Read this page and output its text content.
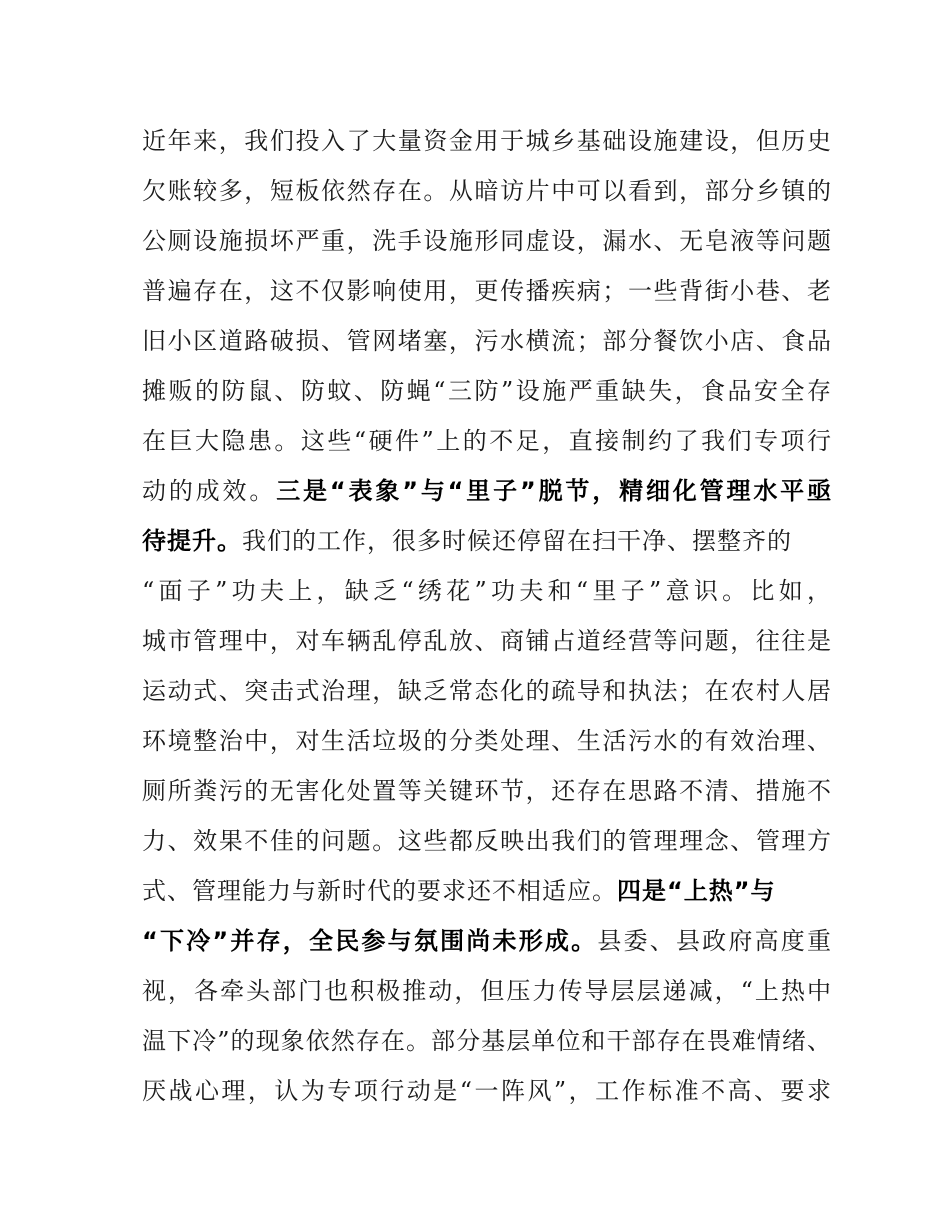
近年来，我们投入了大量资金用于城乡基础设施建设，但历史
欠账较多，短板依然存在。从暗访片中可以看到，部分乡镇的
公厕设施损坏严重，洗手设施形同虚设，漏水、无皂液等问题
普遍存在，这不仅影响使用，更传播疾病；一些背街小巷、老
旧小区道路破损、管网堵塞，污水横流；部分餐饮小店、食品
摊贩的防鼠、防蚊、防蝇“三防”设施严重缺失，食品安全存
在巨大隐患。这些“硬件”上的不足，直接制约了我们专项行
动的成效。三是“表象”与“里子”脱节，精细化管理水平亟
待提升。我们的工作，很多时候还停留在扫干净、摆整齐的
“面子”功夫上，缺乏“绣花”功夫和“里子”意识。比如，
城市管理中，对车辆乱停乱放、商铺占道经营等问题，往往是
运动式、突击式治理，缺乏常态化的疏导和执法；在农村人居
环境整治中，对生活垃圾的分类处理、生活污水的有效治理、
厕所粪污的无害化处置等关键环节，还存在思路不清、措施不
力、效果不佳的问题。这些都反映出我们的管理理念、管理方
式、管理能力与新时代的要求还不相适应。四是“上热”与
“下冷”并存，全民参与氛围尚未形成。县委、县政府高度重
视，各牵头部门也积极推动，但压力传导层层递减，“上热中
温下冷”的现象依然存在。部分基层单位和干部存在畏难情绪、
厌战心理，认为专项行动是“一阵风”，工作标准不高、要求
